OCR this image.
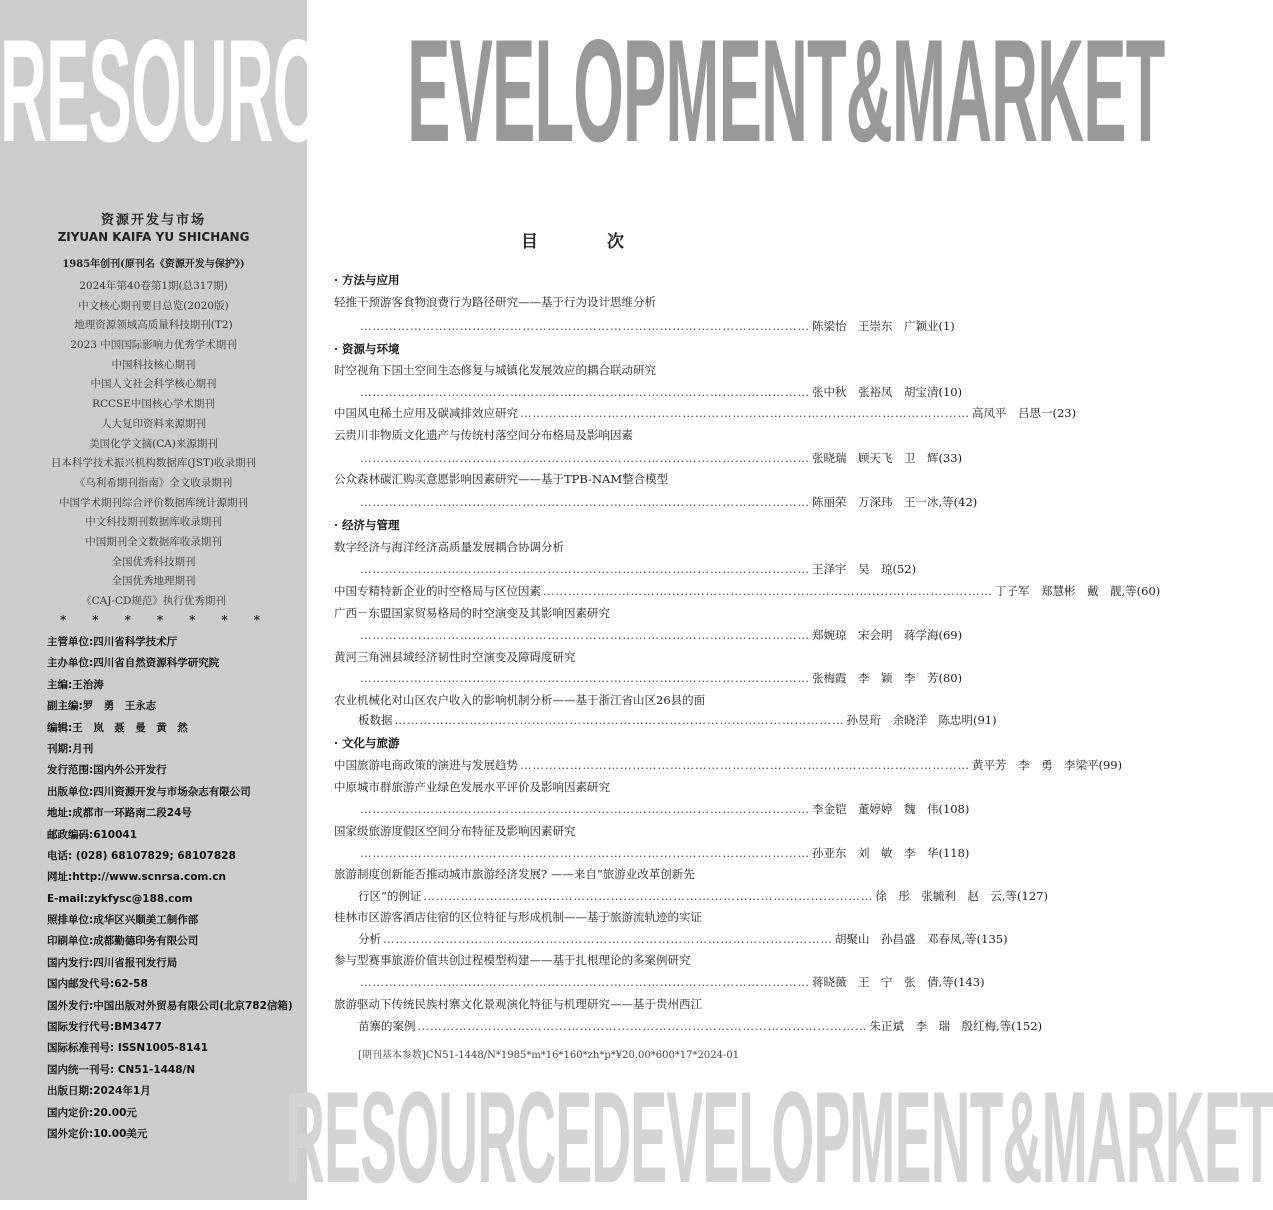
RESOURCEDEVELOPMENT&MARKET
RESOURCEDEVELOPMENT&MARKET
资源开发与市场
ZIYUAN KAIFA YU SHICHANG
1985年创刊(原刊名《资源开发与保护》)
2024年第40卷第1期(总317期)
中文核心期刊要目总览(2020版)
地理资源领域高质量科技期刊(T2)
2023 中国国际影响力优秀学术期刊
中国科技核心期刊
中国人文社会科学核心期刊
RCCSE中国核心学术期刊
人大复印资料来源期刊
美国化学文摘(CA)来源期刊
日本科学技术振兴机构数据库(JST)收录期刊
《乌利希期刊指南》全文收录期刊
中国学术期刊综合评价数据库统计源期刊
中文科技期刊数据库收录期刊
中国期刊全文数据库收录期刊
全国优秀科技期刊
全国优秀地理期刊
《CAJ-CD规范》执行优秀期刊
* * * * * * *
主管单位:四川省科学技术厅
主办单位:四川省自然资源科学研究院
主编:王治涛
副主编:罗　勇　王永志
编辑:王　岚　聂　曼　黄　然
刊期:月刊
发行范围:国内外公开发行
出版单位:四川资源开发与市场杂志有限公司
地址:成都市一环路南二段24号
邮政编码:610041
电话: (028) 68107829; 68107828
网址:http://www.scnrsa.com.cn
E-mail:zykfysc@188.com
照排单位:成华区兴顺美工制作部
印刷单位:成都勤德印务有限公司
国内发行:四川省报刊发行局
国内邮发代号:62-58
国外发行:中国出版对外贸易有限公司(北京782信箱)
国际发行代号:BM3477
国际标准刊号: ISSN1005-8141
国内统一刊号: CN51-1448/N
出版日期:2024年1月
国内定价:20.00元
国外定价:10.00美元
目　次
· 方法与应用
轻推干预游客食物浪费行为路径研究——基于行为设计思维分析
……………………………………………………………………………………………… 陈梁怡　王崇东　广颖业(1)
· 资源与环境
时空视角下国土空间生态修复与城镇化发展效应的耦合联动研究
……………………………………………………………………………………………… 张中秋　张裕凤　胡宝清(10)
中国风电稀土应用及碳减排效应研究 ……………………………………………………………………………………………… 高凤平　吕思一(23)
云贵川非物质文化遗产与传统村落空间分布格局及影响因素
……………………………………………………………………………………………… 张晓瑞　顾天飞　卫　辉(33)
公众森林碳汇购买意愿影响因素研究——基于TPB-NAM整合模型
……………………………………………………………………………………………… 陈丽荣　万深玮　王一冰,等(42)
· 经济与管理
数字经济与海洋经济高质量发展耦合协调分析
……………………………………………………………………………………………… 王泽宇　吴　琼(52)
中国专精特新企业的时空格局与区位因素 ……………………………………………………………………………………………… 丁子军　郑慧彬　戴　靓,等(60)
广西－东盟国家贸易格局的时空演变及其影响因素研究
……………………………………………………………………………………………… 郑婉琼　宋会明　蒋学海(69)
黄河三角洲县域经济韧性时空演变及障碍度研究
……………………………………………………………………………………………… 张梅霞　李　颖　李　芳(80)
农业机械化对山区农户收入的影响机制分析——基于浙江省山区26县的面
板数据 ……………………………………………………………………………………………… 孙昱珩　余晓洋　陈忠明(91)
· 文化与旅游
中国旅游电商政策的演进与发展趋势 ……………………………………………………………………………………………… 黄平芳　李　勇　李梁平(99)
中原城市群旅游产业绿色发展水平评价及影响因素研究
……………………………………………………………………………………………… 李金铠　董婷婷　魏　伟(108)
国家级旅游度假区空间分布特征及影响因素研究
……………………………………………………………………………………………… 孙亚东　刘　敏　李　华(118)
旅游制度创新能否推动城市旅游经济发展? ——来自“旅游业改革创新先
行区”的例证 ……………………………………………………………………………………………… 徐　彤　张毓利　赵　云,等(127)
桂林市区游客酒店住宿的区位特征与形成机制——基于旅游流轨迹的实证
分析 ……………………………………………………………………………………………… 胡聚山　孙昌盛　邓春凤,等(135)
参与型赛事旅游价值共创过程模型构建——基于扎根理论的多案例研究
……………………………………………………………………………………………… 蒋晓薇　王　宁　张　倩,等(143)
旅游驱动下传统民族村寨文化景观演化特征与机理研究——基于贵州西江
苗寨的案例 ……………………………………………………………………………………………… 朱正斌　李　瑞　殷红梅,等(152)
[期刊基本参数]CN51-1448/N*1985*m*16*160*zh*p*¥20.00*600*17*2024-01
